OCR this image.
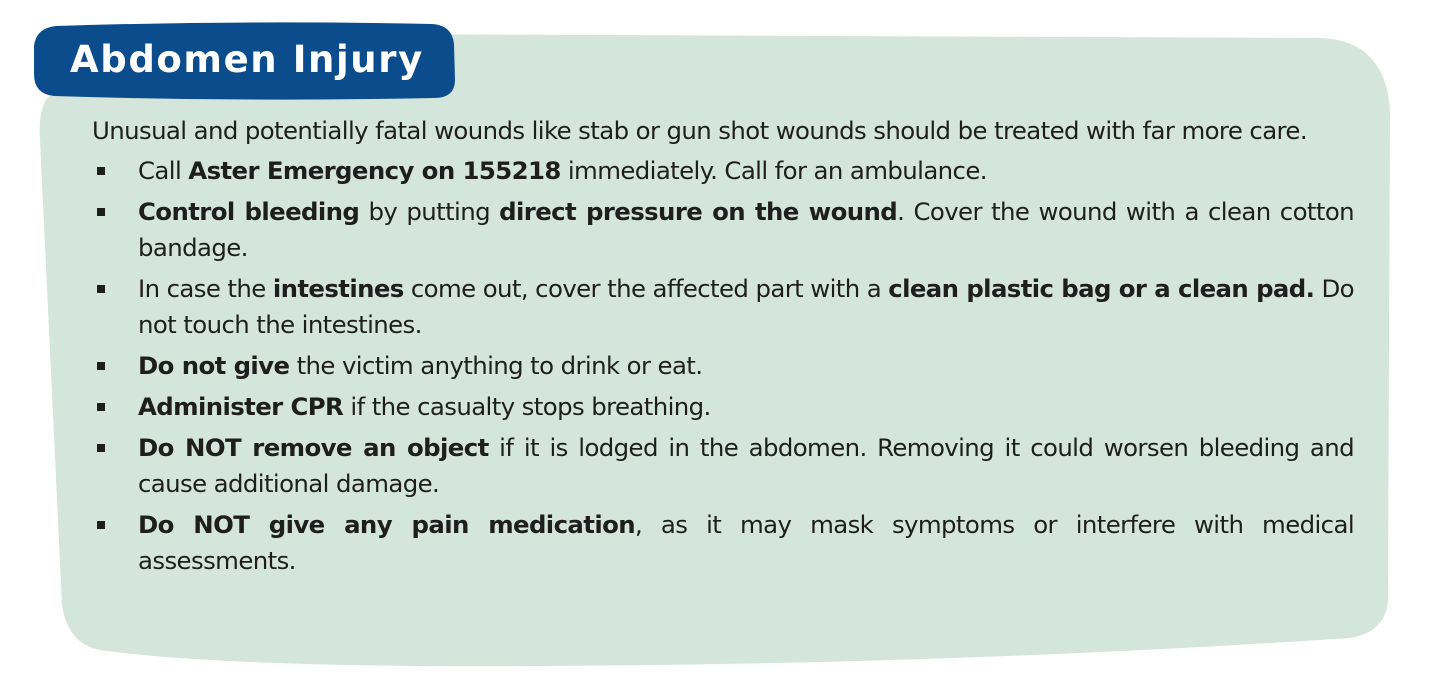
Abdomen Injury

Unusual and potentially fatal wounds like stab or gun shot wounds should be treated with far more care.

Call Aster Emergency on 155218 immediately. Call for an ambulance.
Control bleeding by putting direct pressure on the wound. Cover the wound with a clean cotton bandage.
In case the intestines come out, cover the affected part with a clean plastic bag or a clean pad. Do not touch the intestines.
Do not give the victim anything to drink or eat.
Administer CPR if the casualty stops breathing.
Do NOT remove an object if it is lodged in the abdomen. Removing it could worsen bleeding and cause additional damage.
Do NOT give any pain medication, as it may mask symptoms or interfere with medical assessments.
